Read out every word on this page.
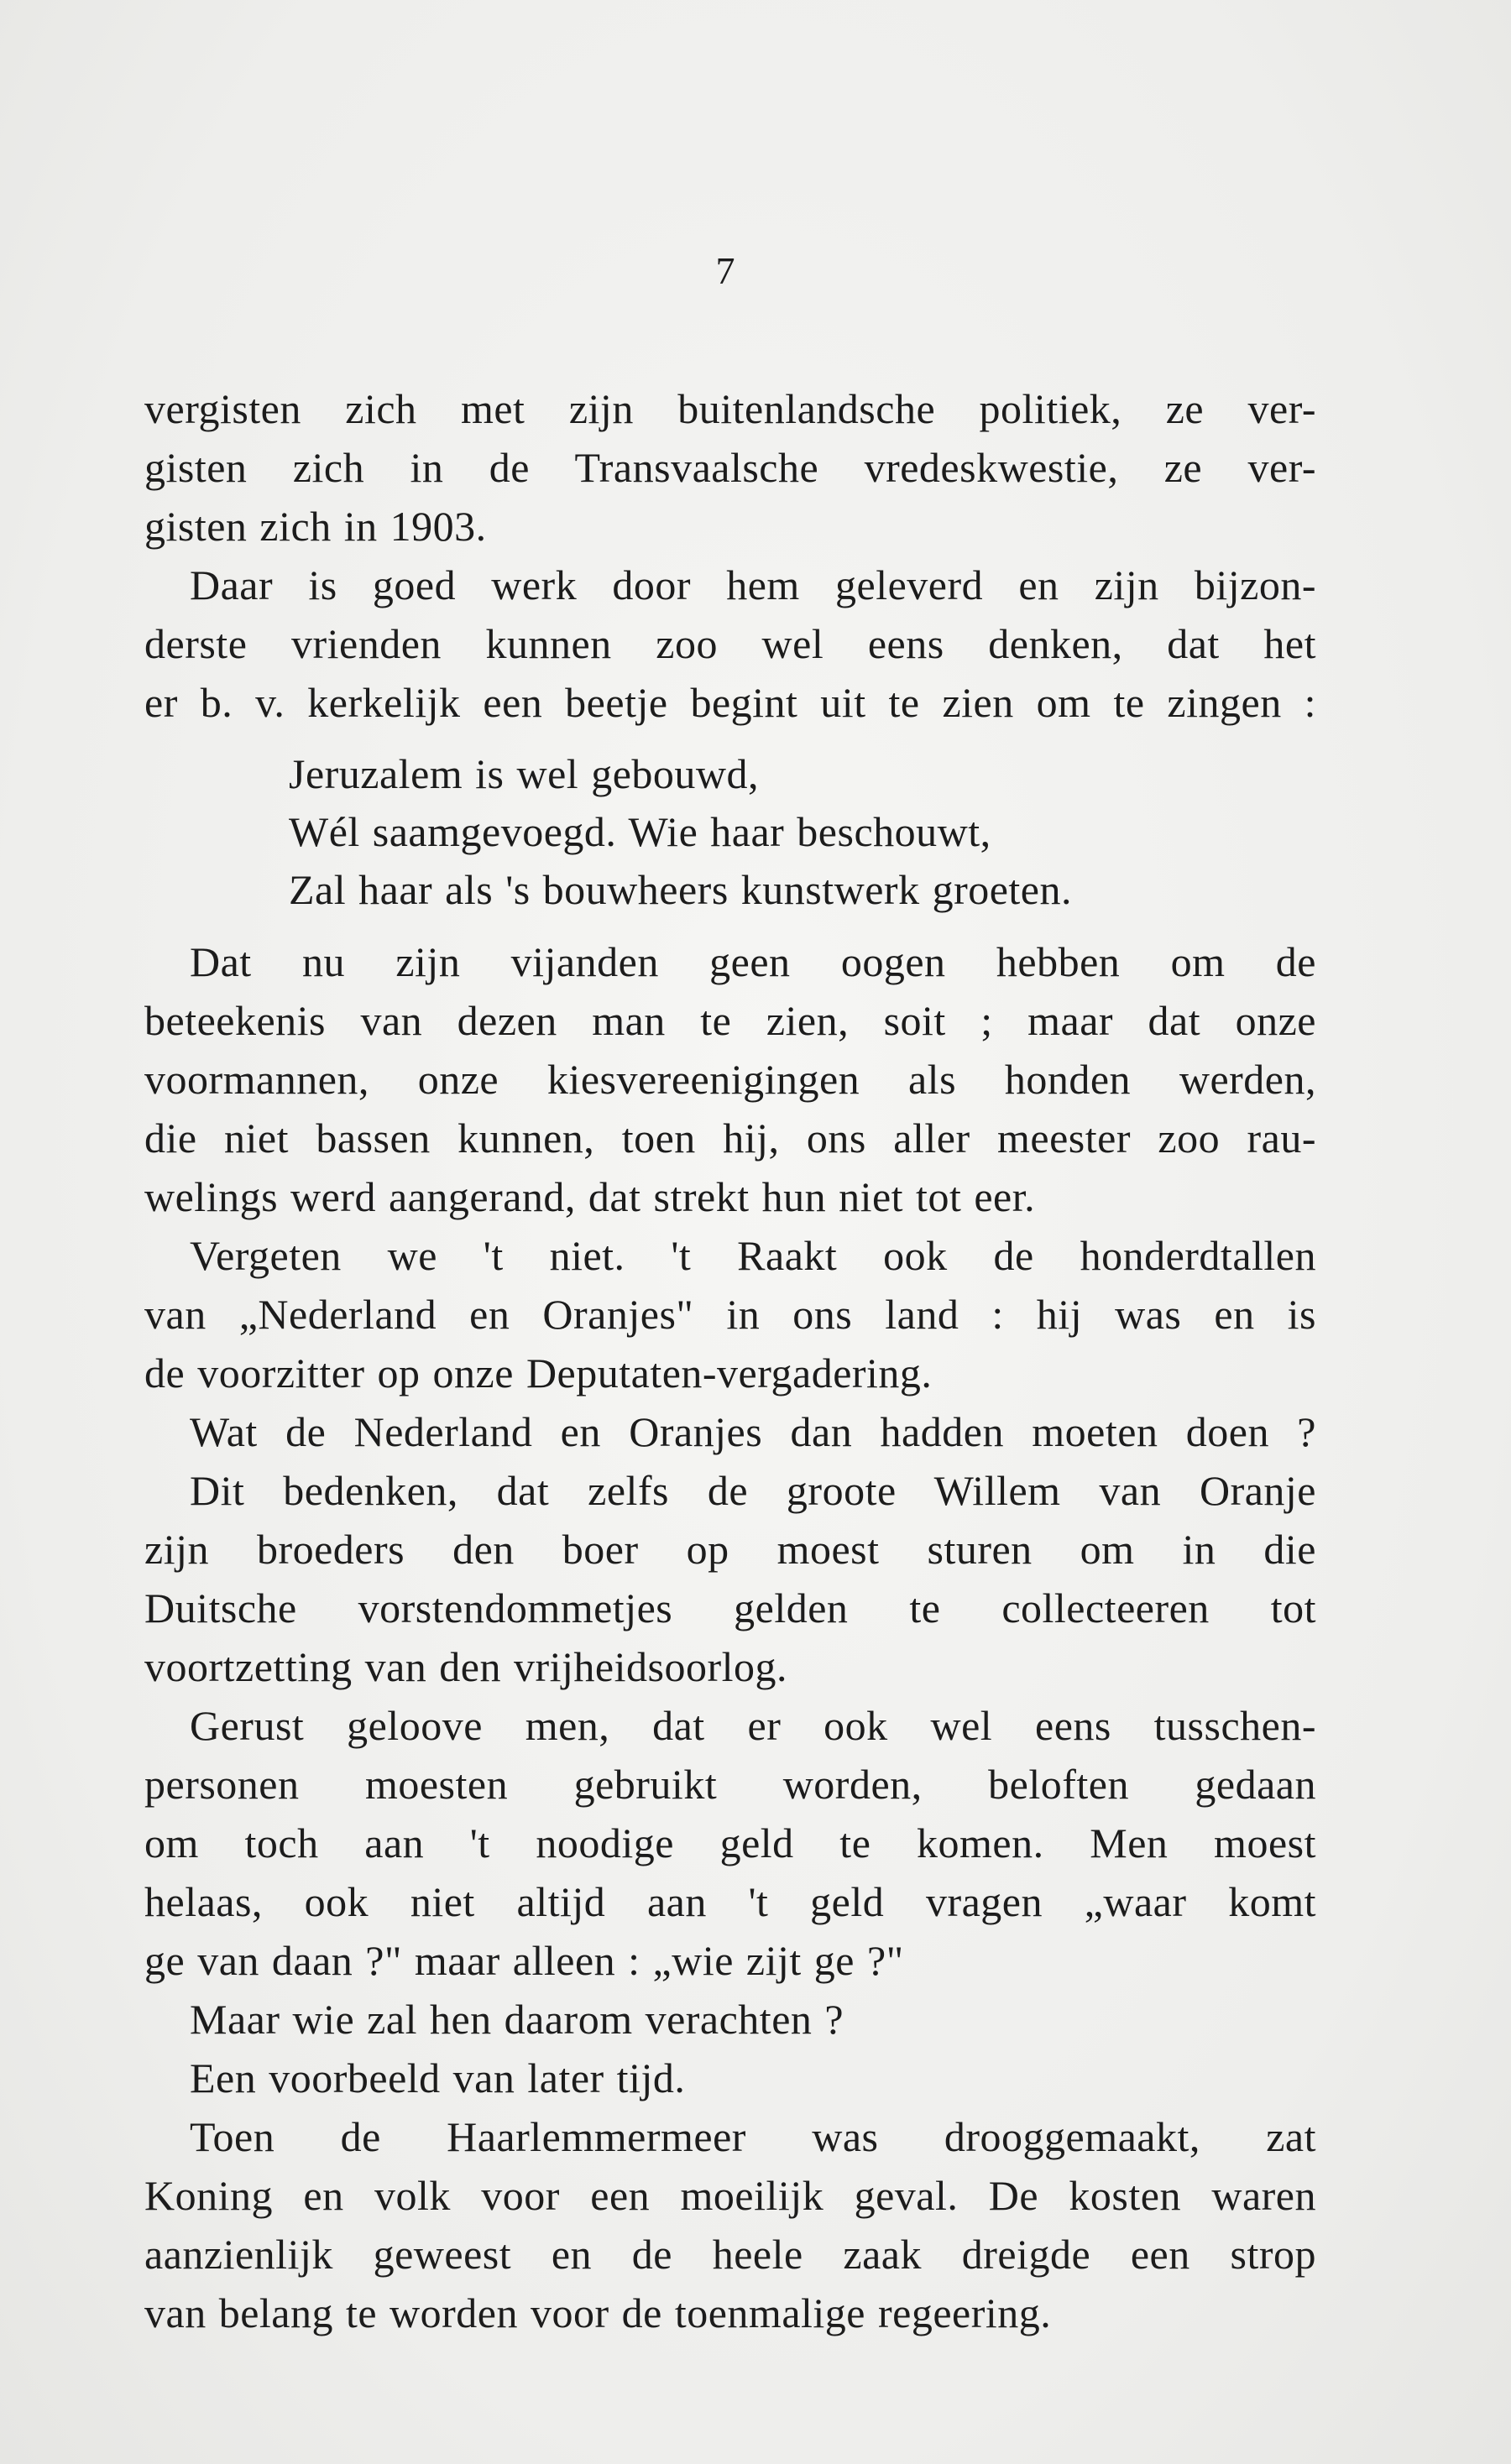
7
vergisten zich met zijn buitenlandsche politiek, ze ver-
gisten zich in de Transvaalsche vredeskwestie, ze ver-
gisten zich in 1903.
Daar is goed werk door hem geleverd en zijn bijzon-
derste vrienden kunnen zoo wel eens denken, dat het
er b. v. kerkelijk een beetje begint uit te zien om te zingen :
Jeruzalem is wel gebouwd,
Wél saamgevoegd. Wie haar beschouwt,
Zal haar als 's bouwheers kunstwerk groeten.
Dat nu zijn vijanden geen oogen hebben om de
beteekenis van dezen man te zien, soit ; maar dat onze
voormannen, onze kiesvereenigingen als honden werden,
die niet bassen kunnen, toen hij, ons aller meester zoo rau-
welings werd aangerand, dat strekt hun niet tot eer.
Vergeten we 't niet. 't Raakt ook de honderdtallen
van „Nederland en Oranjes" in ons land : hij was en is
de voorzitter op onze Deputaten-vergadering.
Wat de Nederland en Oranjes dan hadden moeten doen ?
Dit bedenken, dat zelfs de groote Willem van Oranje
zijn broeders den boer op moest sturen om in die
Duitsche vorstendommetjes gelden te collecteeren tot
voortzetting van den vrijheidsoorlog.
Gerust geloove men, dat er ook wel eens tusschen-
personen moesten gebruikt worden, beloften gedaan
om toch aan 't noodige geld te komen. Men moest
helaas, ook niet altijd aan 't geld vragen „waar komt
ge van daan ?" maar alleen : „wie zijt ge ?"
Maar wie zal hen daarom verachten ?
Een voorbeeld van later tijd.
Toen de Haarlemmermeer was drooggemaakt, zat
Koning en volk voor een moeilijk geval. De kosten waren
aanzienlijk geweest en de heele zaak dreigde een strop
van belang te worden voor de toenmalige regeering.
